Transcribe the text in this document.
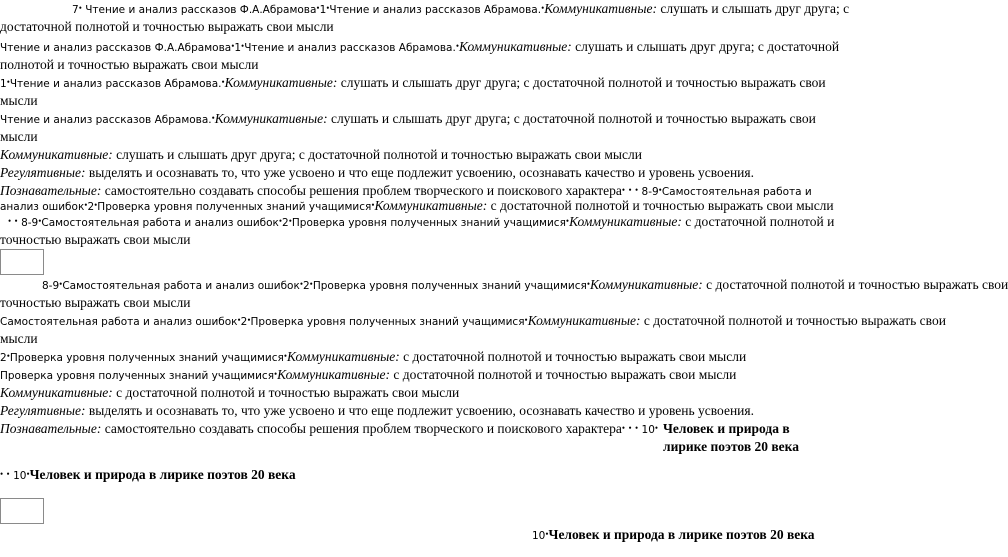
7• Чтение и анализ рассказов Ф.А.Абрамова•1•Чтение и анализ рассказов Абрамова.•Коммуникативные: слушать и слышать друг друга; с
достаточной полнотой и точностью выражать свои мысли
Чтение и анализ рассказов Ф.А.Абрамова•1•Чтение и анализ рассказов Абрамова.•Коммуникативные: слушать и слышать друг друга; с достаточной
полнотой и точностью выражать свои мысли
1•Чтение и анализ рассказов Абрамова.•Коммуникативные: слушать и слышать друг друга; с достаточной полнотой и точностью выражать свои
мысли
Чтение и анализ рассказов Абрамова.•Коммуникативные: слушать и слышать друг друга; с достаточной полнотой и точностью выражать свои
мысли
Коммуникативные: слушать и слышать друг друга; с достаточной полнотой и точностью выражать свои мысли
Регулятивные: выделять и осознавать то, что уже усвоено и что еще подлежит усвоению, осознавать качество и уровень усвоения.
Познавательные: самостоятельно создавать способы решения проблем творческого и поискового характера• • • 8-9•Самостоятельная работа и
анализ ошибок•2•Проверка уровня полученных знаний учащимися•Коммуникативные: с достаточной полнотой и точностью выражать свои мысли
• • 8-9•Самостоятельная работа и анализ ошибок•2•Проверка уровня полученных знаний учащимися•Коммуникативные: с достаточной полнотой и
точностью выражать свои мысли
8-9•Самостоятельная работа и анализ ошибок•2•Проверка уровня полученных знаний учащимися•Коммуникативные: с достаточной полнотой и точностью выражать свои
точностью выражать свои мысли
Самостоятельная работа и анализ ошибок•2•Проверка уровня полученных знаний учащимися•Коммуникативные: с достаточной полнотой и точностью выражать свои
мысли
2•Проверка уровня полученных знаний учащимися•Коммуникативные: с достаточной полнотой и точностью выражать свои мысли
Проверка уровня полученных знаний учащимися•Коммуникативные: с достаточной полнотой и точностью выражать свои мысли
Коммуникативные: с достаточной полнотой и точностью выражать свои мысли
Регулятивные: выделять и осознавать то, что уже усвоено и что еще подлежит усвоению, осознавать качество и уровень усвоения.
Познавательные: самостоятельно создавать способы решения проблем творческого и поискового характера• • • 10• Человек и природа в лирике поэтов 20 века
• • 10•Человек и природа в лирике поэтов 20 века
10•Человек и природа в лирике поэтов 20 века
